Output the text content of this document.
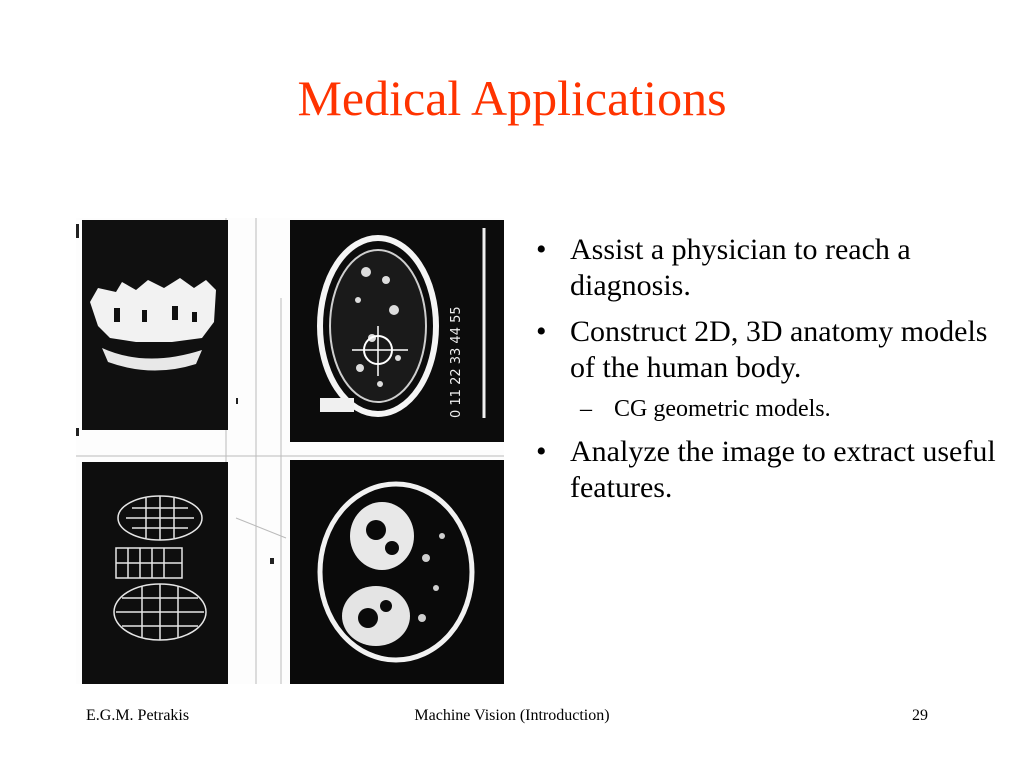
Medical Applications
0 11 22 33 44 55
• Assist a physician to reach a diagnosis.
• Construct 2D, 3D anatomy models of the human body.
– CG geometric models.
• Analyze the image to extract useful features.
E.G.M. Petrakis	Machine Vision (Introduction)	29
